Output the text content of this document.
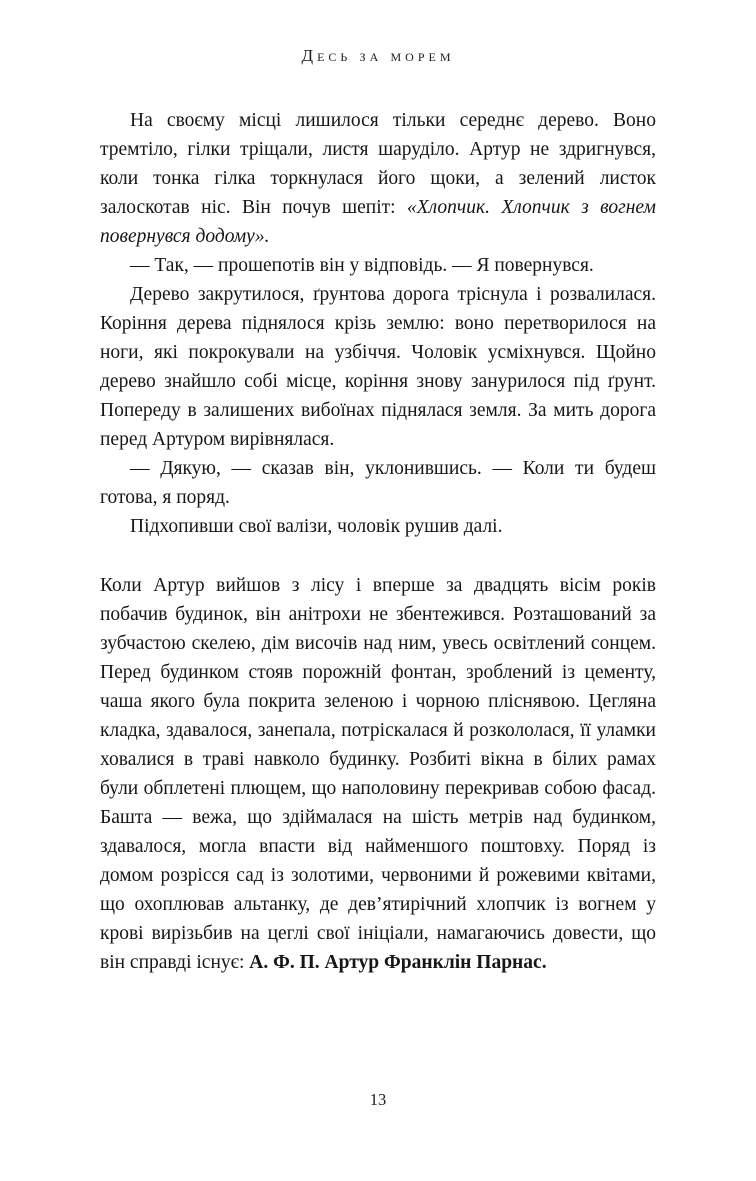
Десь за морем

На своєму місці лишилося тільки середнє дерево. Воно тремтіло, гілки тріщали, листя шаруділо. Артур не здригнувся, коли тонка гілка торкнулася його щоки, а зелений листок залоскотав ніс. Він почув шепіт: «Хлопчик. Хлопчик з вогнем повернувся додому».

— Так, — прошепотів він у відповідь. — Я повернувся.

Дерево закрутилося, ґрунтова дорога тріснула і розвалилася. Коріння дерева піднялося крізь землю: воно перетворилося на ноги, які покрокували на узбіччя. Чоловік усміхнувся. Щойно дерево знайшло собі місце, коріння знову занурилося під ґрунт. Попереду в залишених вибоїнах піднялася земля. За мить дорога перед Артуром вирівнялася.

— Дякую, — сказав він, уклонившись. — Коли ти будеш готова, я поряд.

Підхопивши свої валізи, чоловік рушив далі.

Коли Артур вийшов з лісу і вперше за двадцять вісім років побачив будинок, він анітрохи не збентежився. Розташований за зубчастою скелею, дім височів над ним, увесь освітлений сонцем. Перед будинком стояв порожній фонтан, зроблений із цементу, чаша якого була покрита зеленою і чорною пліснявою. Цегляна кладка, здавалося, занепала, потріскалася й розкололася, її уламки ховалися в траві навколо будинку. Розбиті вікна в білих рамах були обплетені плющем, що наполовину перекривав собою фасад. Башта — вежа, що здіймалася на шість метрів над будинком, здавалося, могла впасти від найменшого поштовху. Поряд із домом розрісся сад із золотими, червоними й рожевими квітами, що охоплював альтанку, де дев’ятирічний хлопчик із вогнем у крові вирізьбив на цеглі свої ініціали, намагаючись довести, що він справді існує: А. Ф. П. Артур Франклін Парнас.

13
